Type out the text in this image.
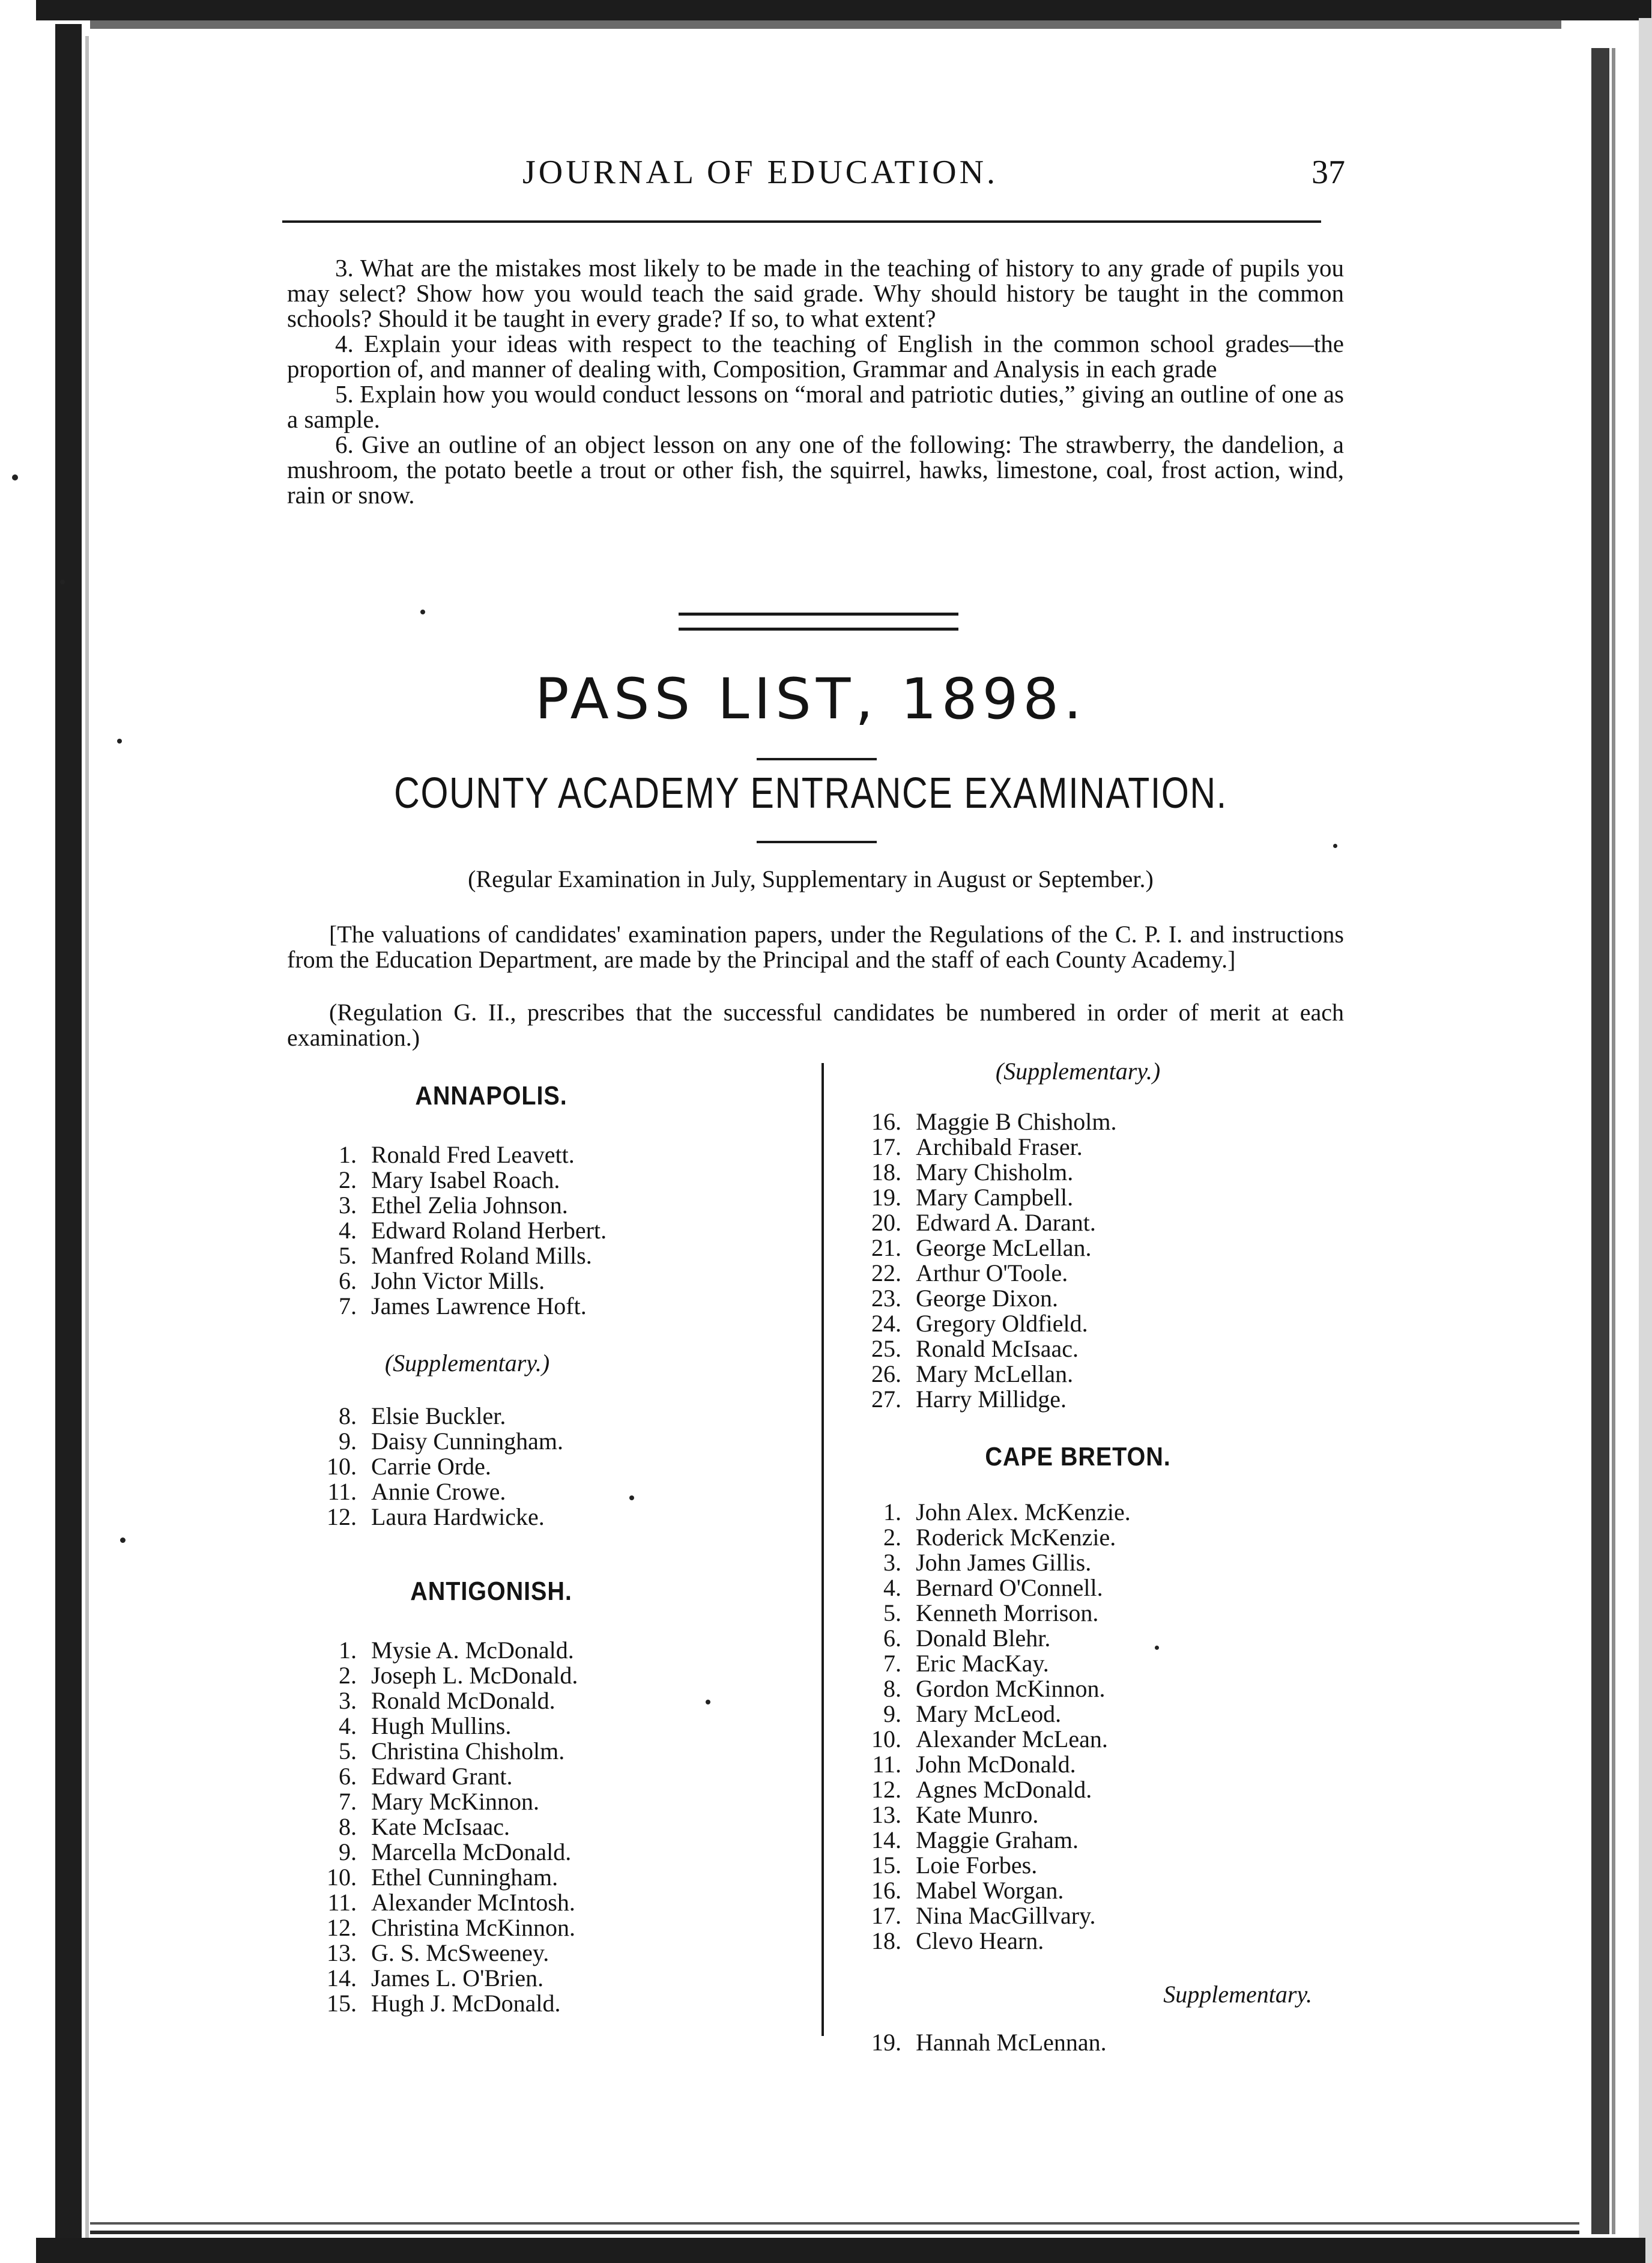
JOURNAL OF EDUCATION.	37

3. What are the mistakes most likely to be made in the teaching of history to any grade of pupils you may select? Show how you would teach the said grade. Why should history be taught in the common schools? Should it be taught in every grade? If so, to what extent?

4. Explain your ideas with respect to the teaching of English in the common school grades—the proportion of, and manner of dealing with, Composition, Grammar and Analysis in each grade

5. Explain how you would conduct lessons on “moral and patriotic duties,” giving an outline of one as a sample.

6. Give an outline of an object lesson on any one of the following: The strawberry, the dandelion, a mushroom, the potato beetle a trout or other fish, the squirrel, hawks, limestone, coal, frost action, wind, rain or snow.

PASS LIST, 1898.
COUNTY ACADEMY ENTRANCE EXAMINATION.
(Regular Examination in July, Supplementary in August or September.)

[The valuations of candidates' examination papers, under the Regulations of the C. P. I. and instructions from the Education Department, are made by the Principal and the staff of each County Academy.]

(Regulation G. II., prescribes that the successful candidates be numbered in order of merit at each examination.)

ANNAPOLIS.
1. Ronald Fred Leavett.
2. Mary Isabel Roach.
3. Ethel Zelia Johnson.
4. Edward Roland Herbert.
5. Manfred Roland Mills.
6. John Victor Mills.
7. James Lawrence Hoft.

(Supplementary.)

8. Elsie Buckler.
9. Daisy Cunningham.
10. Carrie Orde.
11. Annie Crowe.
12. Laura Hardwicke.
ANTIGONISH.
1. Mysie A. McDonald.
2. Joseph L. McDonald.
3. Ronald McDonald.
4. Hugh Mullins.
5. Christina Chisholm.
6. Edward Grant.
7. Mary McKinnon.
8. Kate McIsaac.
9. Marcella McDonald.
10. Ethel Cunningham.
11. Alexander McIntosh.
12. Christina McKinnon.
13. G. S. McSweeney.
14. James L. O'Brien.
15. Hugh J. McDonald.

(Supplementary.)

16. Maggie B Chisholm.
17. Archibald Fraser.
18. Mary Chisholm.
19. Mary Campbell.
20. Edward A. Darant.
21. George McLellan.
22. Arthur O'Toole.
23. George Dixon.
24. Gregory Oldfield.
25. Ronald McIsaac.
26. Mary McLellan.
27. Harry Millidge.
CAPE BRETON.
1. John Alex. McKenzie.
2. Roderick McKenzie.
3. John James Gillis.
4. Bernard O'Connell.
5. Kenneth Morrison.
6. Donald Blehr.
7. Eric MacKay.
8. Gordon McKinnon.
9. Mary McLeod.
10. Alexander McLean.
11. John McDonald.
12. Agnes McDonald.
13. Kate Munro.
14. Maggie Graham.
15. Loie Forbes.
16. Mabel Worgan.
17. Nina MacGillvary.
18. Clevo Hearn.

Supplementary.

19. Hannah McLennan.
